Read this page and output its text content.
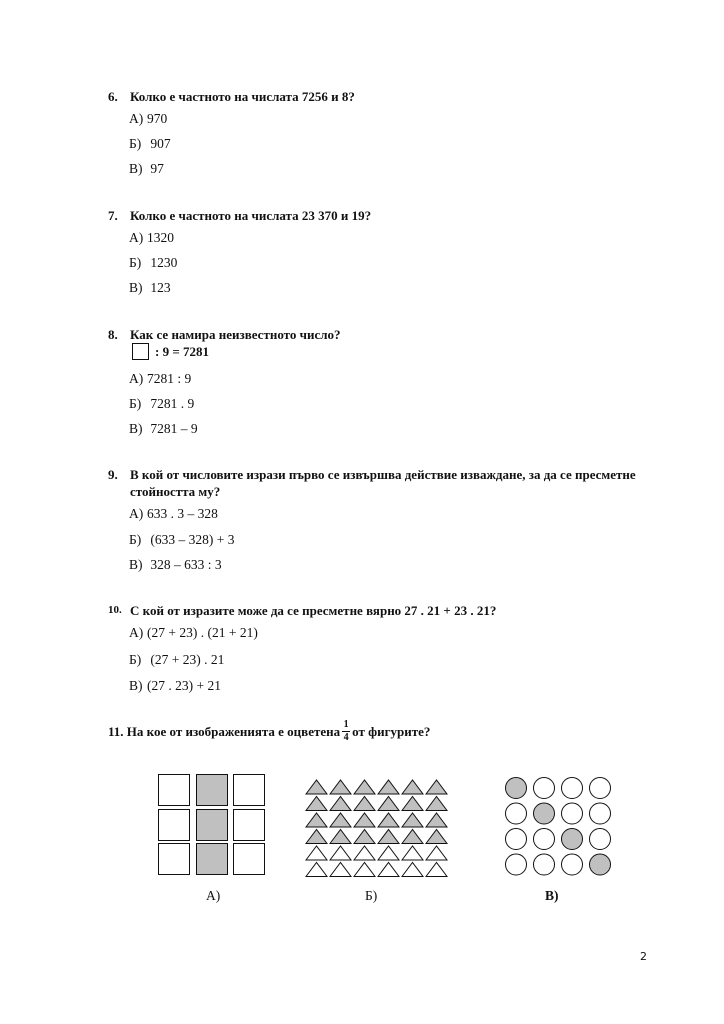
6. Колко е частното на числата 7256 и 8?
А) 970
Б) 907
В) 97
7. Колко е частното на числата 23 370 и 19?
А) 1320
Б) 1230
В) 123
8. Как се намира неизвестното число?
: 9 = 7281
А) 7281 : 9
Б) 7281 . 9
В) 7281 – 9
9. В кой от числовите изрази първо се извършва действие изваждане, за да се пресметне стойността му?
А) 633 . 3 – 328
Б) (633 – 328) + 3
В) 328 – 633 : 3
10. С кой от изразите може да се пресметне вярно 27 . 21 + 23 . 21?
А) (27 + 23) . (21 + 21)
Б) (27 + 23) . 21
В) (27 . 23) + 21
11.
На кое от изображенията е оцветена $\frac{1}{4}$ от фигурите?
А)	Б)	В)
2
